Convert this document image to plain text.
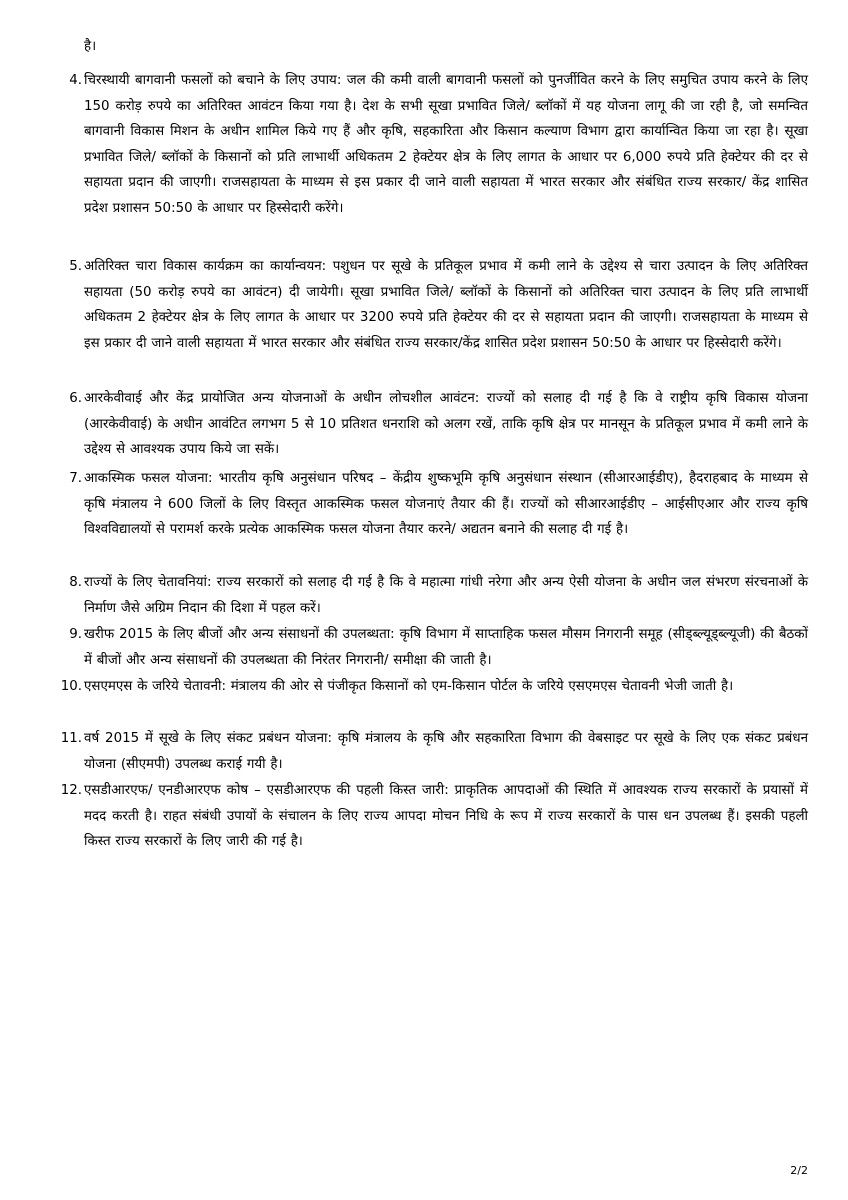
है।
4. चिरस्थायी बागवानी फसलों को बचाने के लिए उपाय: जल की कमी वाली बागवानी फसलों को पुनर्जीवित करने के लिए समुचित उपाय करने के लिए 150 करोड़ रुपये का अतिरिक्त आवंटन किया गया है। देश के सभी सूखा प्रभावित जिले/ ब्लॉकों में यह योजना लागू की जा रही है, जो समन्वित बागवानी विकास मिशन के अधीन शामिल किये गए हैं और कृषि, सहकारिता और किसान कल्याण विभाग द्वारा कार्यान्वित किया जा रहा है। सूखा प्रभावित जिले/ ब्लॉकों के किसानों को प्रति लाभार्थी अधिकतम 2 हेक्टेयर क्षेत्र के लिए लागत के आधार पर 6,000 रुपये प्रति हेक्टेयर की दर से सहायता प्रदान की जाएगी। राजसहायता के माध्यम से इस प्रकार दी जाने वाली सहायता में भारत सरकार और संबंधित राज्य सरकार/ केंद्र शासित प्रदेश प्रशासन 50:50 के आधार पर हिस्सेदारी करेंगे।
5. अतिरिक्त चारा विकास कार्यक्रम का कार्यान्वयन: पशुधन पर सूखे के प्रतिकूल प्रभाव में कमी लाने के उद्देश्य से चारा उत्पादन के लिए अतिरिक्त सहायता (50 करोड़ रुपये का आवंटन) दी जायेगी। सूखा प्रभावित जिले/ ब्लॉकों के किसानों को अतिरिक्त चारा उत्पादन के लिए प्रति लाभार्थी अधिकतम 2 हेक्टेयर क्षेत्र के लिए लागत के आधार पर 3200 रुपये प्रति हेक्टेयर की दर से सहायता प्रदान की जाएगी। राजसहायता के माध्यम से इस प्रकार दी जाने वाली सहायता में भारत सरकार और संबंधित राज्य सरकार/केंद्र शासित प्रदेश प्रशासन 50:50 के आधार पर हिस्सेदारी करेंगे।
6. आरकेवीवाई और केंद्र प्रायोजित अन्य योजनाओं के अधीन लोचशील आवंटन: राज्यों को सलाह दी गई है कि वे राष्ट्रीय कृषि विकास योजना (आरकेवीवाई) के अधीन आवंटित लगभग 5 से 10 प्रतिशत धनराशि को अलग रखें, ताकि कृषि क्षेत्र पर मानसून के प्रतिकूल प्रभाव में कमी लाने के उद्देश्य से आवश्यक उपाय किये जा सकें।
7. आकस्मिक फसल योजना: भारतीय कृषि अनुसंधान परिषद – केंद्रीय शुष्कभूमि कृषि अनुसंधान संस्थान (सीआरआईडीए), हैदराहबाद के माध्यम से कृषि मंत्रालय ने 600 जिलों के लिए विस्तृत आकस्मिक फसल योजनाएं तैयार की हैं। राज्यों को सीआरआईडीए – आईसीएआर और राज्य कृषि विश्वविद्यालयों से परामर्श करके प्रत्येक आकस्मिक फसल योजना तैयार करने/ अद्यतन बनाने की सलाह दी गई है।
8. राज्यों के लिए चेतावनियां: राज्य सरकारों को सलाह दी गई है कि वे महात्मा गांधी नरेगा और अन्य ऐसी योजना के अधीन जल संभरण संरचनाओं के निर्माण जैसे अग्रिम निदान की दिशा में पहल करें।
9. खरीफ 2015 के लिए बीजों और अन्य संसाधनों की उपलब्धता: कृषि विभाग में साप्ताहिक फसल मौसम निगरानी समूह (सीड्ब्ल्यूड्ब्ल्यूजी) की बैठकों में बीजों और अन्य संसाधनों की उपलब्धता की निरंतर निगरानी/ समीक्षा की जाती है।
10. एसएमएस के जरिये चेतावनी: मंत्रालय की ओर से पंजीकृत किसानों को एम-किसान पोर्टल के जरिये एसएमएस चेतावनी भेजी जाती है।
11. वर्ष 2015 में सूखे के लिए संकट प्रबंधन योजना: कृषि मंत्रालय के कृषि और सहकारिता विभाग की वेबसाइट पर सूखे के लिए एक संकट प्रबंधन योजना (सीएमपी) उपलब्ध कराई गयी है।
12. एसडीआरएफ/ एनडीआरएफ कोष – एसडीआरएफ की पहली किस्त जारी: प्राकृतिक आपदाओं की स्थिति में आवश्यक राज्य सरकारों के प्रयासों में मदद करती है। राहत संबंधी उपायों के संचालन के लिए राज्य आपदा मोचन निधि के रूप में राज्य सरकारों के पास धन उपलब्ध हैं। इसकी पहली किस्त राज्य सरकारों के लिए जारी की गई है।
2/2
